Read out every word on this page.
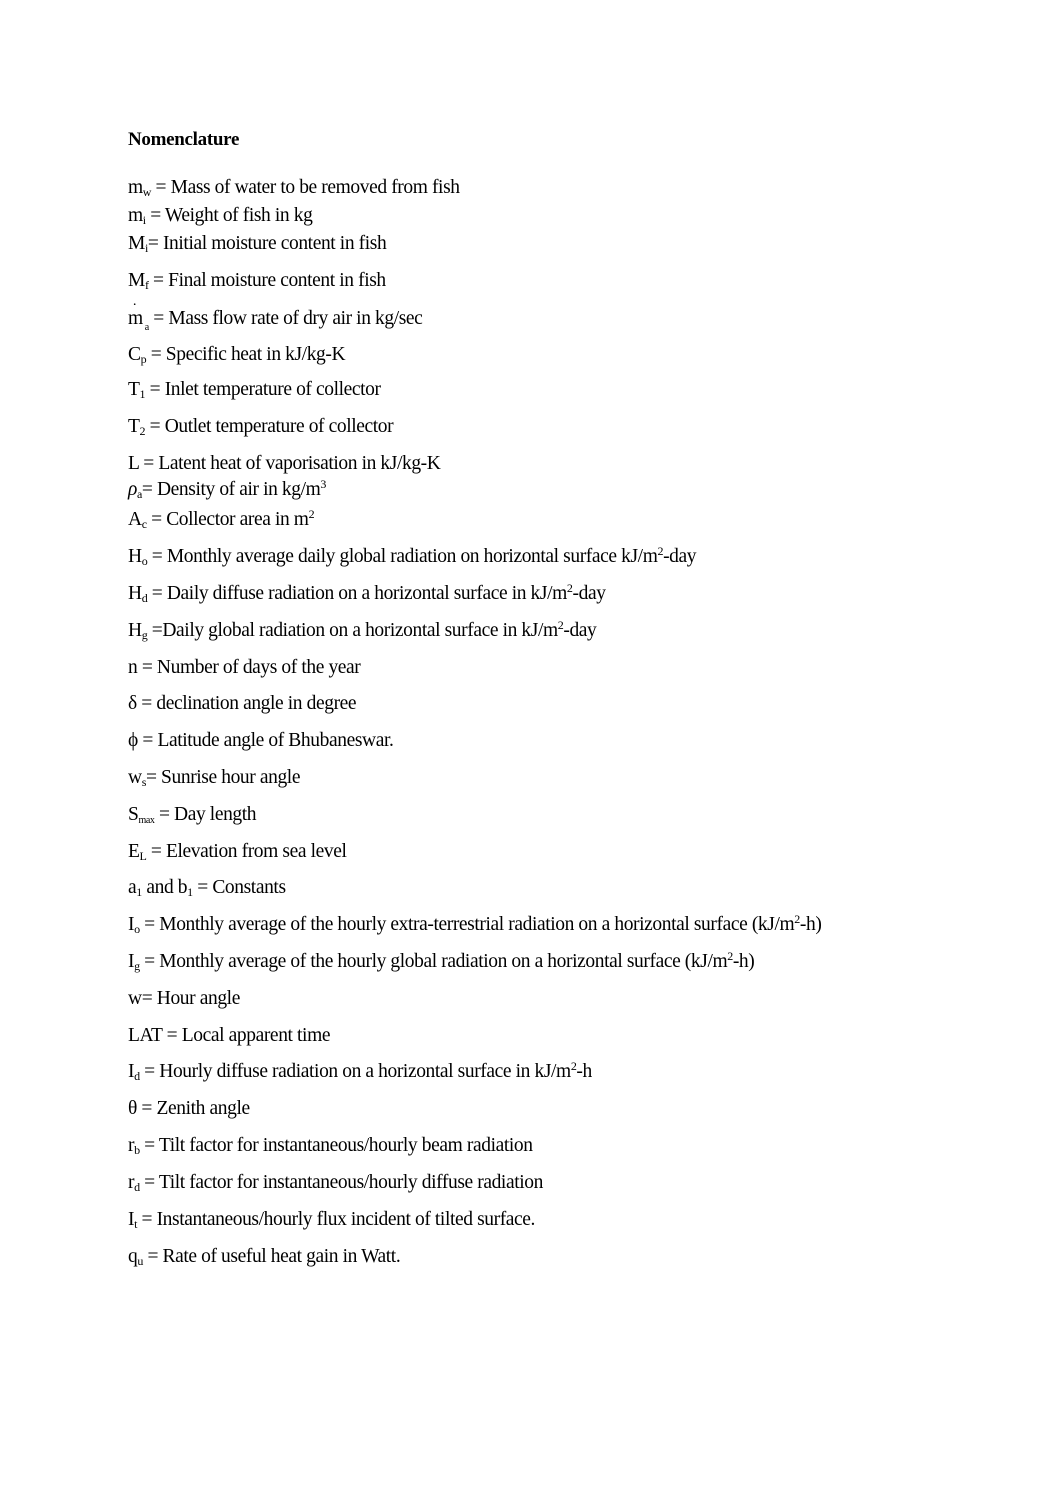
Nomenclature
$m_w$ = Mass of water to be removed from fish
$m_i$ = Weight of fish in kg
$M_i=$ Initial moisture content in fish
$M_f$ = Final moisture content in fish
˙ m $_a$ = Mass flow rate of dry air in kg/sec
$C_p$ = Specific heat in kJ/kg-K
$T_1$ = Inlet temperature of collector
$T_2$ = Outlet temperature of collector
L = Latent heat of vaporisation in kJ/kg-K
$\rho_a=$ Density of air in $kg/m^3$
$A_c$ = Collector area in $m^2$
$H_o$ = Monthly average daily global radiation on horizontal surface $kJ/m^2$-day
$H_d$ = Daily diffuse radiation on a horizontal surface in $kJ/m^2$-day
$H_g$ =Daily global radiation on a horizontal surface in $kJ/m^2$-day
n = Number of days of the year
δ = declination angle in degree
ϕ = Latitude angle of Bhubaneswar.
$w_s=$ Sunrise hour angle
$S_{max}$ = Day length
$E_L$ = Elevation from sea level
$a_1$ and $b_1$ = Constants
$I_o$ = Monthly average of the hourly extra-terrestrial radiation on a horizontal surface $(kJ/m^2-h)$
$I_g$ = Monthly average of the hourly global radiation on a horizontal surface $(kJ/m^2-h)$
w= Hour angle
LAT = Local apparent time
$I_d$ = Hourly diffuse radiation on a horizontal surface in $kJ/m^2-h$
θ = Zenith angle
$r_b$ = Tilt factor for instantaneous/hourly beam radiation
$r_d$ = Tilt factor for instantaneous/hourly diffuse radiation
$I_t$ = Instantaneous/hourly flux incident of tilted surface.
$q_u$ = Rate of useful heat gain in Watt.
